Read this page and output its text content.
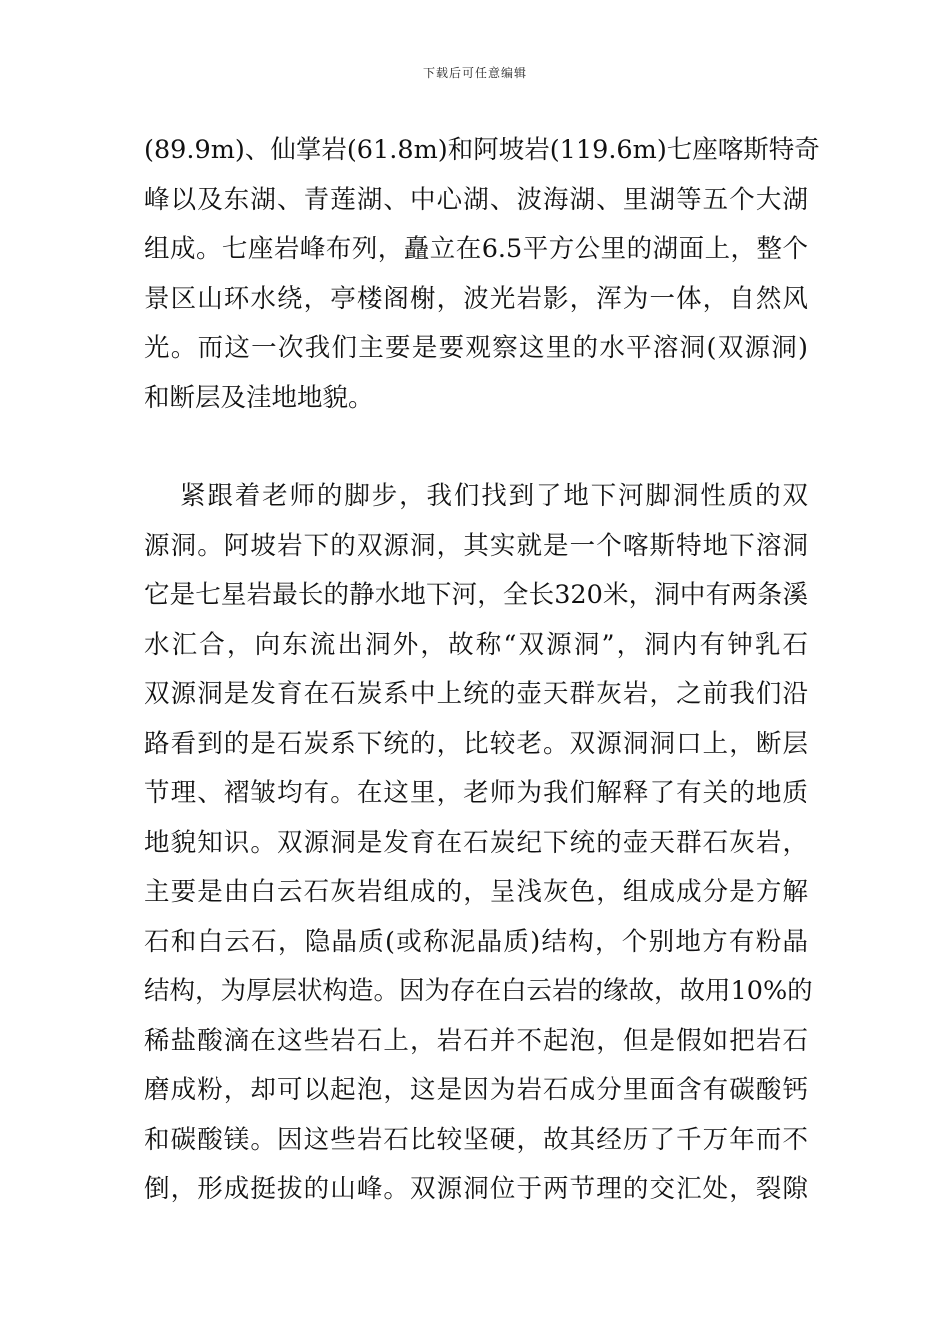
下载后可任意编辑
(89.9m)、仙掌岩(61.8m)和阿坡岩(119.6m)七座喀斯特奇
峰以及东湖、青莲湖、中心湖、波海湖、里湖等五个大湖
组成。七座岩峰布列，矗立在6.5平方公里的湖面上，整个
景区山环水绕，亭楼阁榭，波光岩影，浑为一体，自然风
光。而这一次我们主要是要观察这里的水平溶洞(双源洞)
和断层及洼地地貌。
紧跟着老师的脚步，我们找到了地下河脚洞性质的双
源洞。阿坡岩下的双源洞，其实就是一个喀斯特地下溶洞
它是七星岩最长的静水地下河，全长320米，洞中有两条溪
水汇合，向东流出洞外，故称“双源洞”，洞内有钟乳石
双源洞是发育在石炭系中上统的壶天群灰岩，之前我们沿
路看到的是石炭系下统的，比较老。双源洞洞口上，断层
节理、褶皱均有。在这里，老师为我们解释了有关的地质
地貌知识。双源洞是发育在石炭纪下统的壶天群石灰岩，
主要是由白云石灰岩组成的，呈浅灰色，组成成分是方解
石和白云石，隐晶质(或称泥晶质)结构，个别地方有粉晶
结构，为厚层状构造。因为存在白云岩的缘故，故用10%的
稀盐酸滴在这些岩石上，岩石并不起泡，但是假如把岩石
磨成粉，却可以起泡，这是因为岩石成分里面含有碳酸钙
和碳酸镁。因这些岩石比较坚硬，故其经历了千万年而不
倒，形成挺拔的山峰。双源洞位于两节理的交汇处，裂隙
